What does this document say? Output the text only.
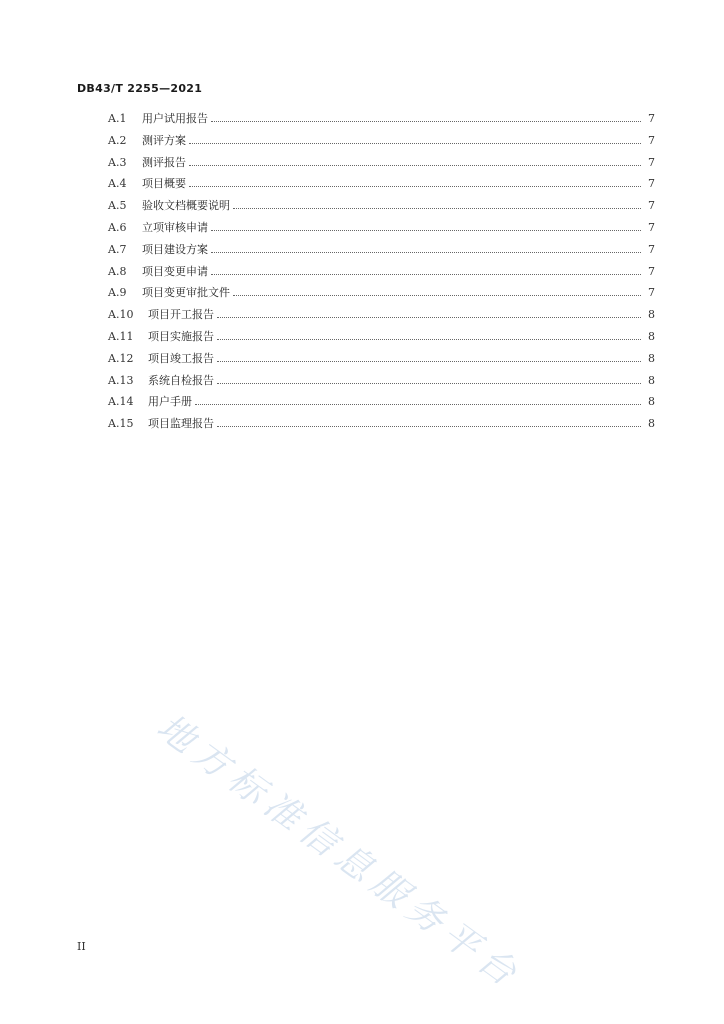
DB43/T 2255—2021
A.1	用户试用报告	7
A.2	测评方案	7
A.3	测评报告	7
A.4	项目概要	7
A.5	验收文档概要说明	7
A.6	立项审核申请	7
A.7	项目建设方案	7
A.8	项目变更申请	7
A.9	项目变更审批文件	7
A.10	项目开工报告	8
A.11	项目实施报告	8
A.12	项目竣工报告	8
A.13	系统自检报告	8
A.14	用户手册	8
A.15	项目监理报告	8
地方标准信息服务平台
II
